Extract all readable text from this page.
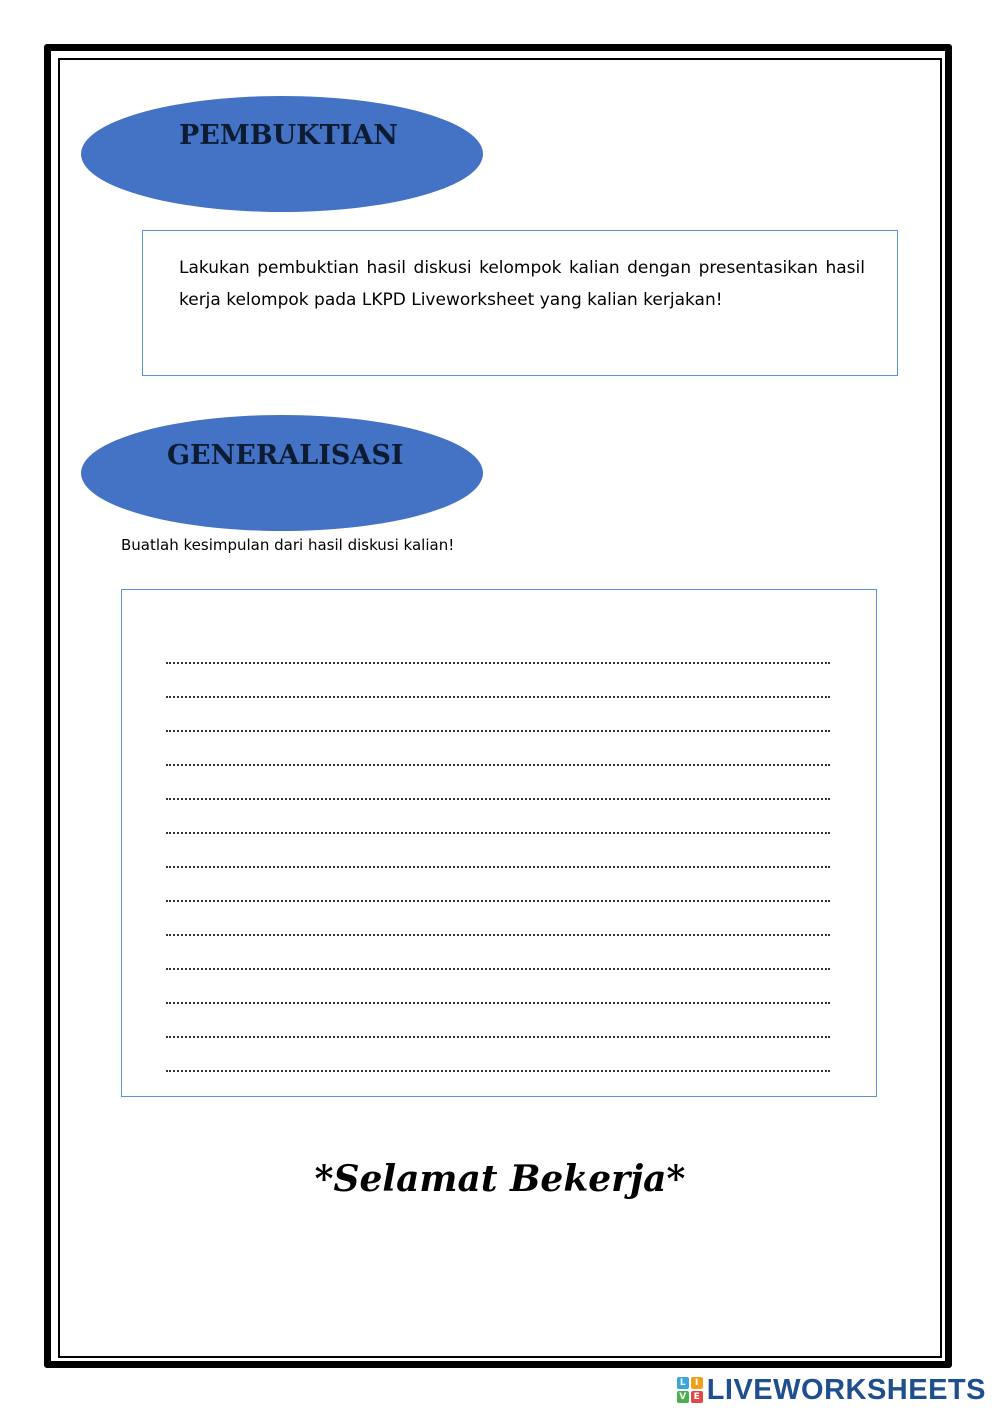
PEMBUKTIAN

Lakukan pembuktian hasil diskusi kelompok kalian dengan presentasikan hasil kerja kelompok pada LKPD Liveworksheet yang kalian kerjakan!

GENERALISASI

Buatlah kesimpulan dari hasil diskusi kalian!

*Selamat Bekerja*

L	I
V E LIVEWORKSHEETS
